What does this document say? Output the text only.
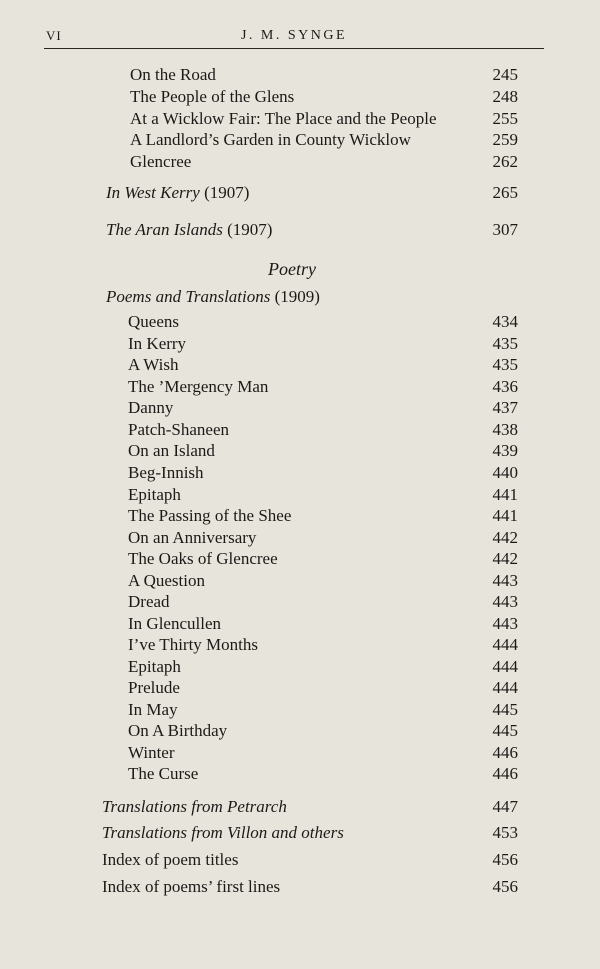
VI	J. M. SYNGE
On the Road	245
The People of the Glens	248
At a Wicklow Fair: The Place and the People	255
A Landlord’s Garden in County Wicklow	259
Glencree	262
In West Kerry (1907)	265
The Aran Islands (1907)	307
Poetry
Poems and Translations (1909)
Queens	434
In Kerry	435
A Wish	435
The ’Mergency Man	436
Danny	437
Patch-Shaneen	438
On an Island	439
Beg-Innish	440
Epitaph	441
The Passing of the Shee	441
On an Anniversary	442
The Oaks of Glencree	442
A Question	443
Dread	443
In Glencullen	443
I’ve Thirty Months	444
Epitaph	444
Prelude	444
In May	445
On A Birthday	445
Winter	446
The Curse	446
Translations from Petrarch	447
Translations from Villon and others	453
Index of poem titles	456
Index of poems’ first lines	456
